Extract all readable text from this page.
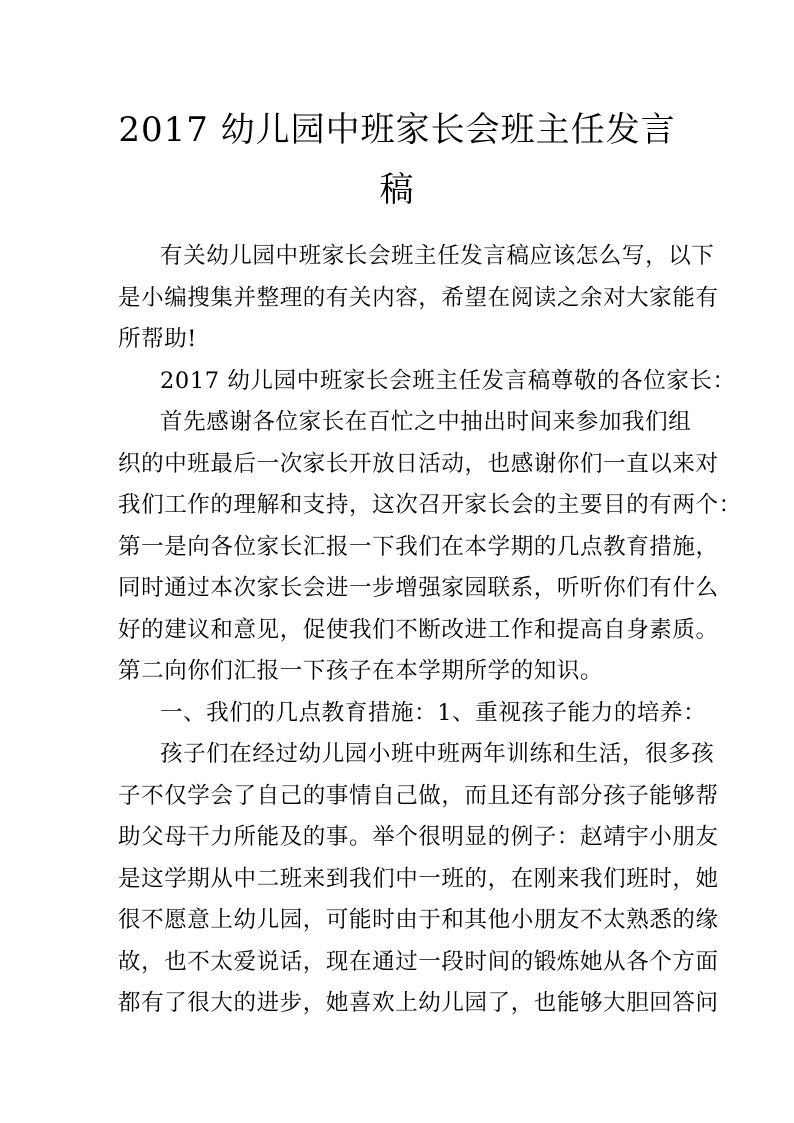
2017 幼儿园中班家长会班主任发言
稿
有关幼儿园中班家长会班主任发言稿应该怎么写，以下
是小编搜集并整理的有关内容，希望在阅读之余对大家能有
所帮助!
2017 幼儿园中班家长会班主任发言稿尊敬的各位家长：
首先感谢各位家长在百忙之中抽出时间来参加我们组
织的中班最后一次家长开放日活动，也感谢你们一直以来对
我们工作的理解和支持，这次召开家长会的主要目的有两个：
第一是向各位家长汇报一下我们在本学期的几点教育措施，
同时通过本次家长会进一步增强家园联系，听听你们有什么
好的建议和意见，促使我们不断改进工作和提高自身素质。
第二向你们汇报一下孩子在本学期所学的知识。
一、我们的几点教育措施：1、重视孩子能力的培养：
孩子们在经过幼儿园小班中班两年训练和生活，很多孩
子不仅学会了自己的事情自己做，而且还有部分孩子能够帮
助父母干力所能及的事。举个很明显的例子：赵靖宇小朋友
是这学期从中二班来到我们中一班的，在刚来我们班时，她
很不愿意上幼儿园，可能时由于和其他小朋友不太熟悉的缘
故，也不太爱说话，现在通过一段时间的锻炼她从各个方面
都有了很大的进步，她喜欢上幼儿园了，也能够大胆回答问
